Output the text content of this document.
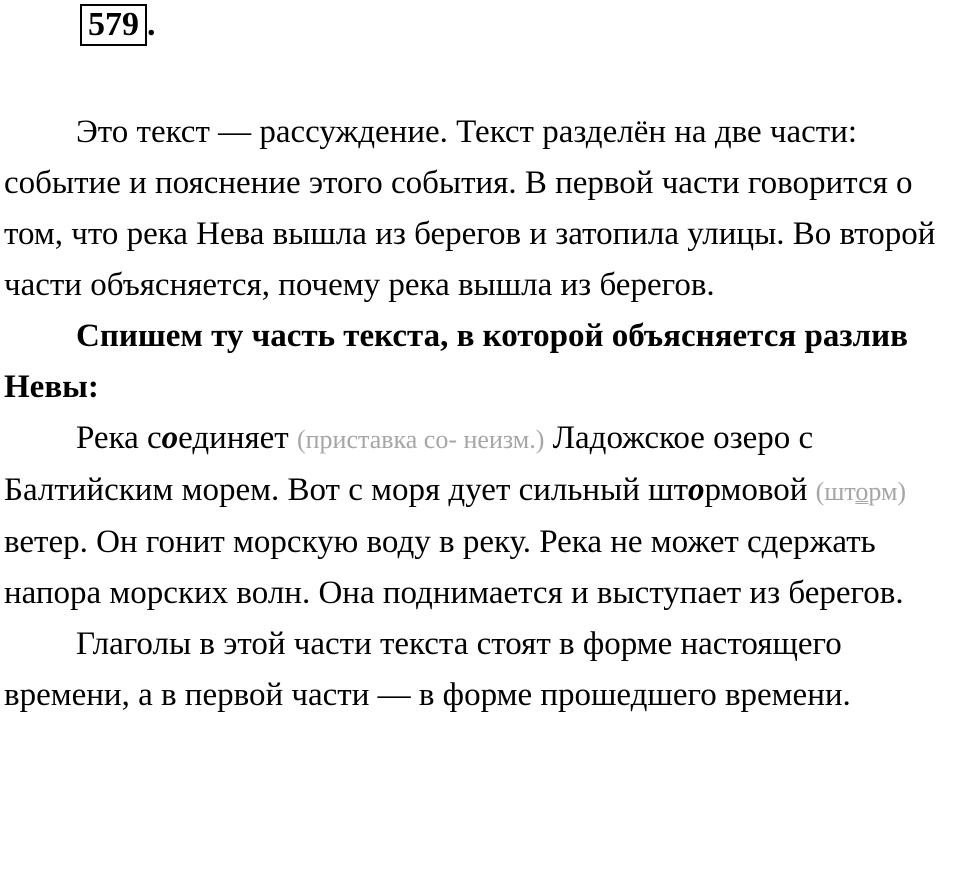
579 .

Это текст — рассуждение. Текст разделён на две части: событие и пояснение этого события. В первой части говорится о том, что река Нева вышла из берегов и затопила улицы. Во второй части объясняется, почему река вышла из берегов.

Спишем ту часть текста, в которой объясняется разлив Невы:

Река соединяет (приставка со- неизм.) Ладожское озеро с Балтийским морем. Вот с моря дует сильный штормовой (шторм) ветер. Он гонит морскую воду в реку. Река не может сдержать напора морских волн. Она поднимается и выступает из берегов.

Глаголы в этой части текста стоят в форме настоящего времени, а в первой части — в форме прошедшего времени.
